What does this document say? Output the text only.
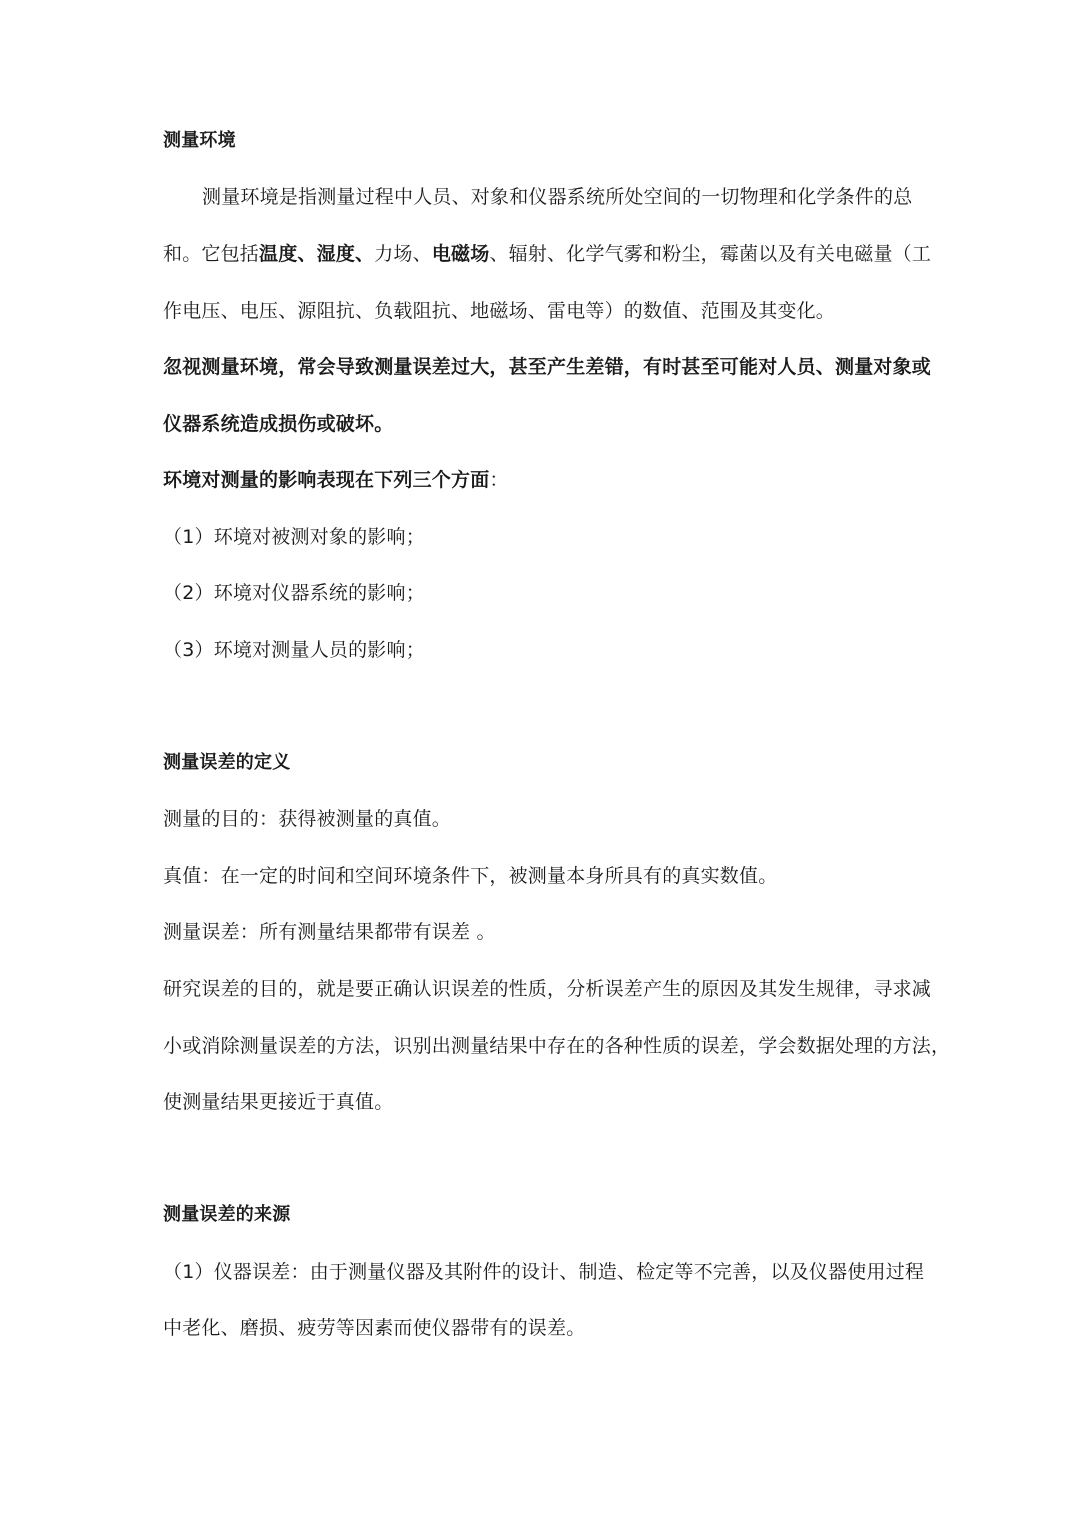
测量环境
测量环境是指测量过程中人员、对象和仪器系统所处空间的一切物理和化学条件的总
和。它包括温度、湿度、力场、电磁场、辐射、化学气雾和粉尘，霉菌以及有关电磁量（工
作电压、电压、源阻抗、负载阻抗、地磁场、雷电等）的数值、范围及其变化。
忽视测量环境，常会导致测量误差过大，甚至产生差错，有时甚至可能对人员、测量对象或
仪器系统造成损伤或破坏。
环境对测量的影响表现在下列三个方面：
（1）环境对被测对象的影响；
（2）环境对仪器系统的影响；
（3）环境对测量人员的影响；
测量误差的定义
测量的目的：获得被测量的真值。
真值：在一定的时间和空间环境条件下，被测量本身所具有的真实数值。
测量误差：所有测量结果都带有误差 。
研究误差的目的，就是要正确认识误差的性质，分析误差产生的原因及其发生规律，寻求减
小或消除测量误差的方法，识别出测量结果中存在的各种性质的误差，学会数据处理的方法，
使测量结果更接近于真值。
测量误差的来源
（1）仪器误差：由于测量仪器及其附件的设计、制造、检定等不完善，以及仪器使用过程
中老化、磨损、疲劳等因素而使仪器带有的误差。
